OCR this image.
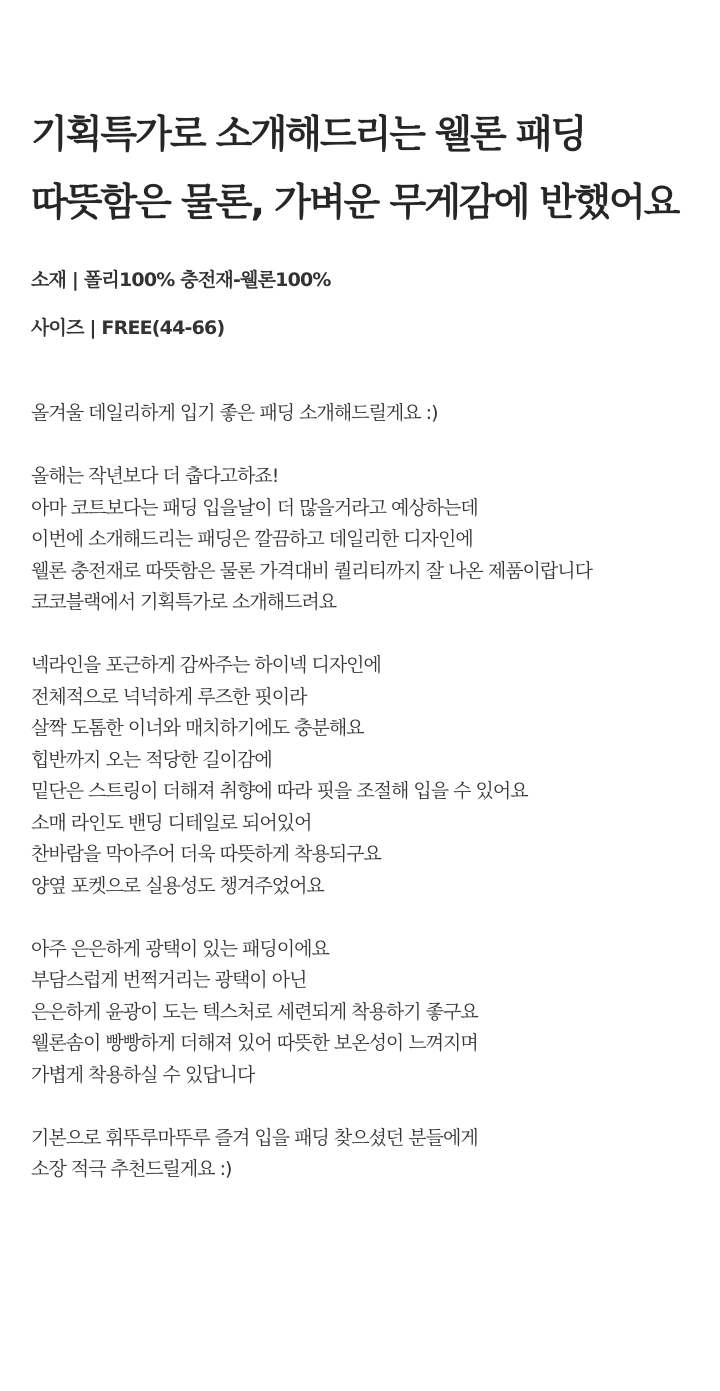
기획특가로 소개해드리는 웰론 패딩
따뜻함은 물론, 가벼운 무게감에 반했어요
소재 | 폴리100% 충전재-웰론100%
사이즈 | FREE(44-66)

올겨울 데일리하게 입기 좋은 패딩 소개해드릴게요 :)

올해는 작년보다 더 춥다고하죠!
아마 코트보다는 패딩 입을날이 더 많을거라고 예상하는데
이번에 소개해드리는 패딩은 깔끔하고 데일리한 디자인에
웰론 충전재로 따뜻함은 물론 가격대비 퀄리티까지 잘 나온 제품이랍니다
코코블랙에서 기획특가로 소개해드려요

넥라인을 포근하게 감싸주는 하이넥 디자인에
전체적으로 넉넉하게 루즈한 핏이라
살짝 도톰한 이너와 매치하기에도 충분해요
힙반까지 오는 적당한 길이감에
밑단은 스트링이 더해져 취향에 따라 핏을 조절해 입을 수 있어요
소매 라인도 밴딩 디테일로 되어있어
찬바람을 막아주어 더욱 따뜻하게 착용되구요
양옆 포켓으로 실용성도 챙겨주었어요

아주 은은하게 광택이 있는 패딩이에요
부담스럽게 번쩍거리는 광택이 아닌
은은하게 윤광이 도는 텍스처로 세련되게 착용하기 좋구요
웰론솜이 빵빵하게 더해져 있어 따뜻한 보온성이 느껴지며
가볍게 착용하실 수 있답니다

기본으로 휘뚜루마뚜루 즐겨 입을 패딩 찾으셨던 분들에게
소장 적극 추천드릴게요 :)
